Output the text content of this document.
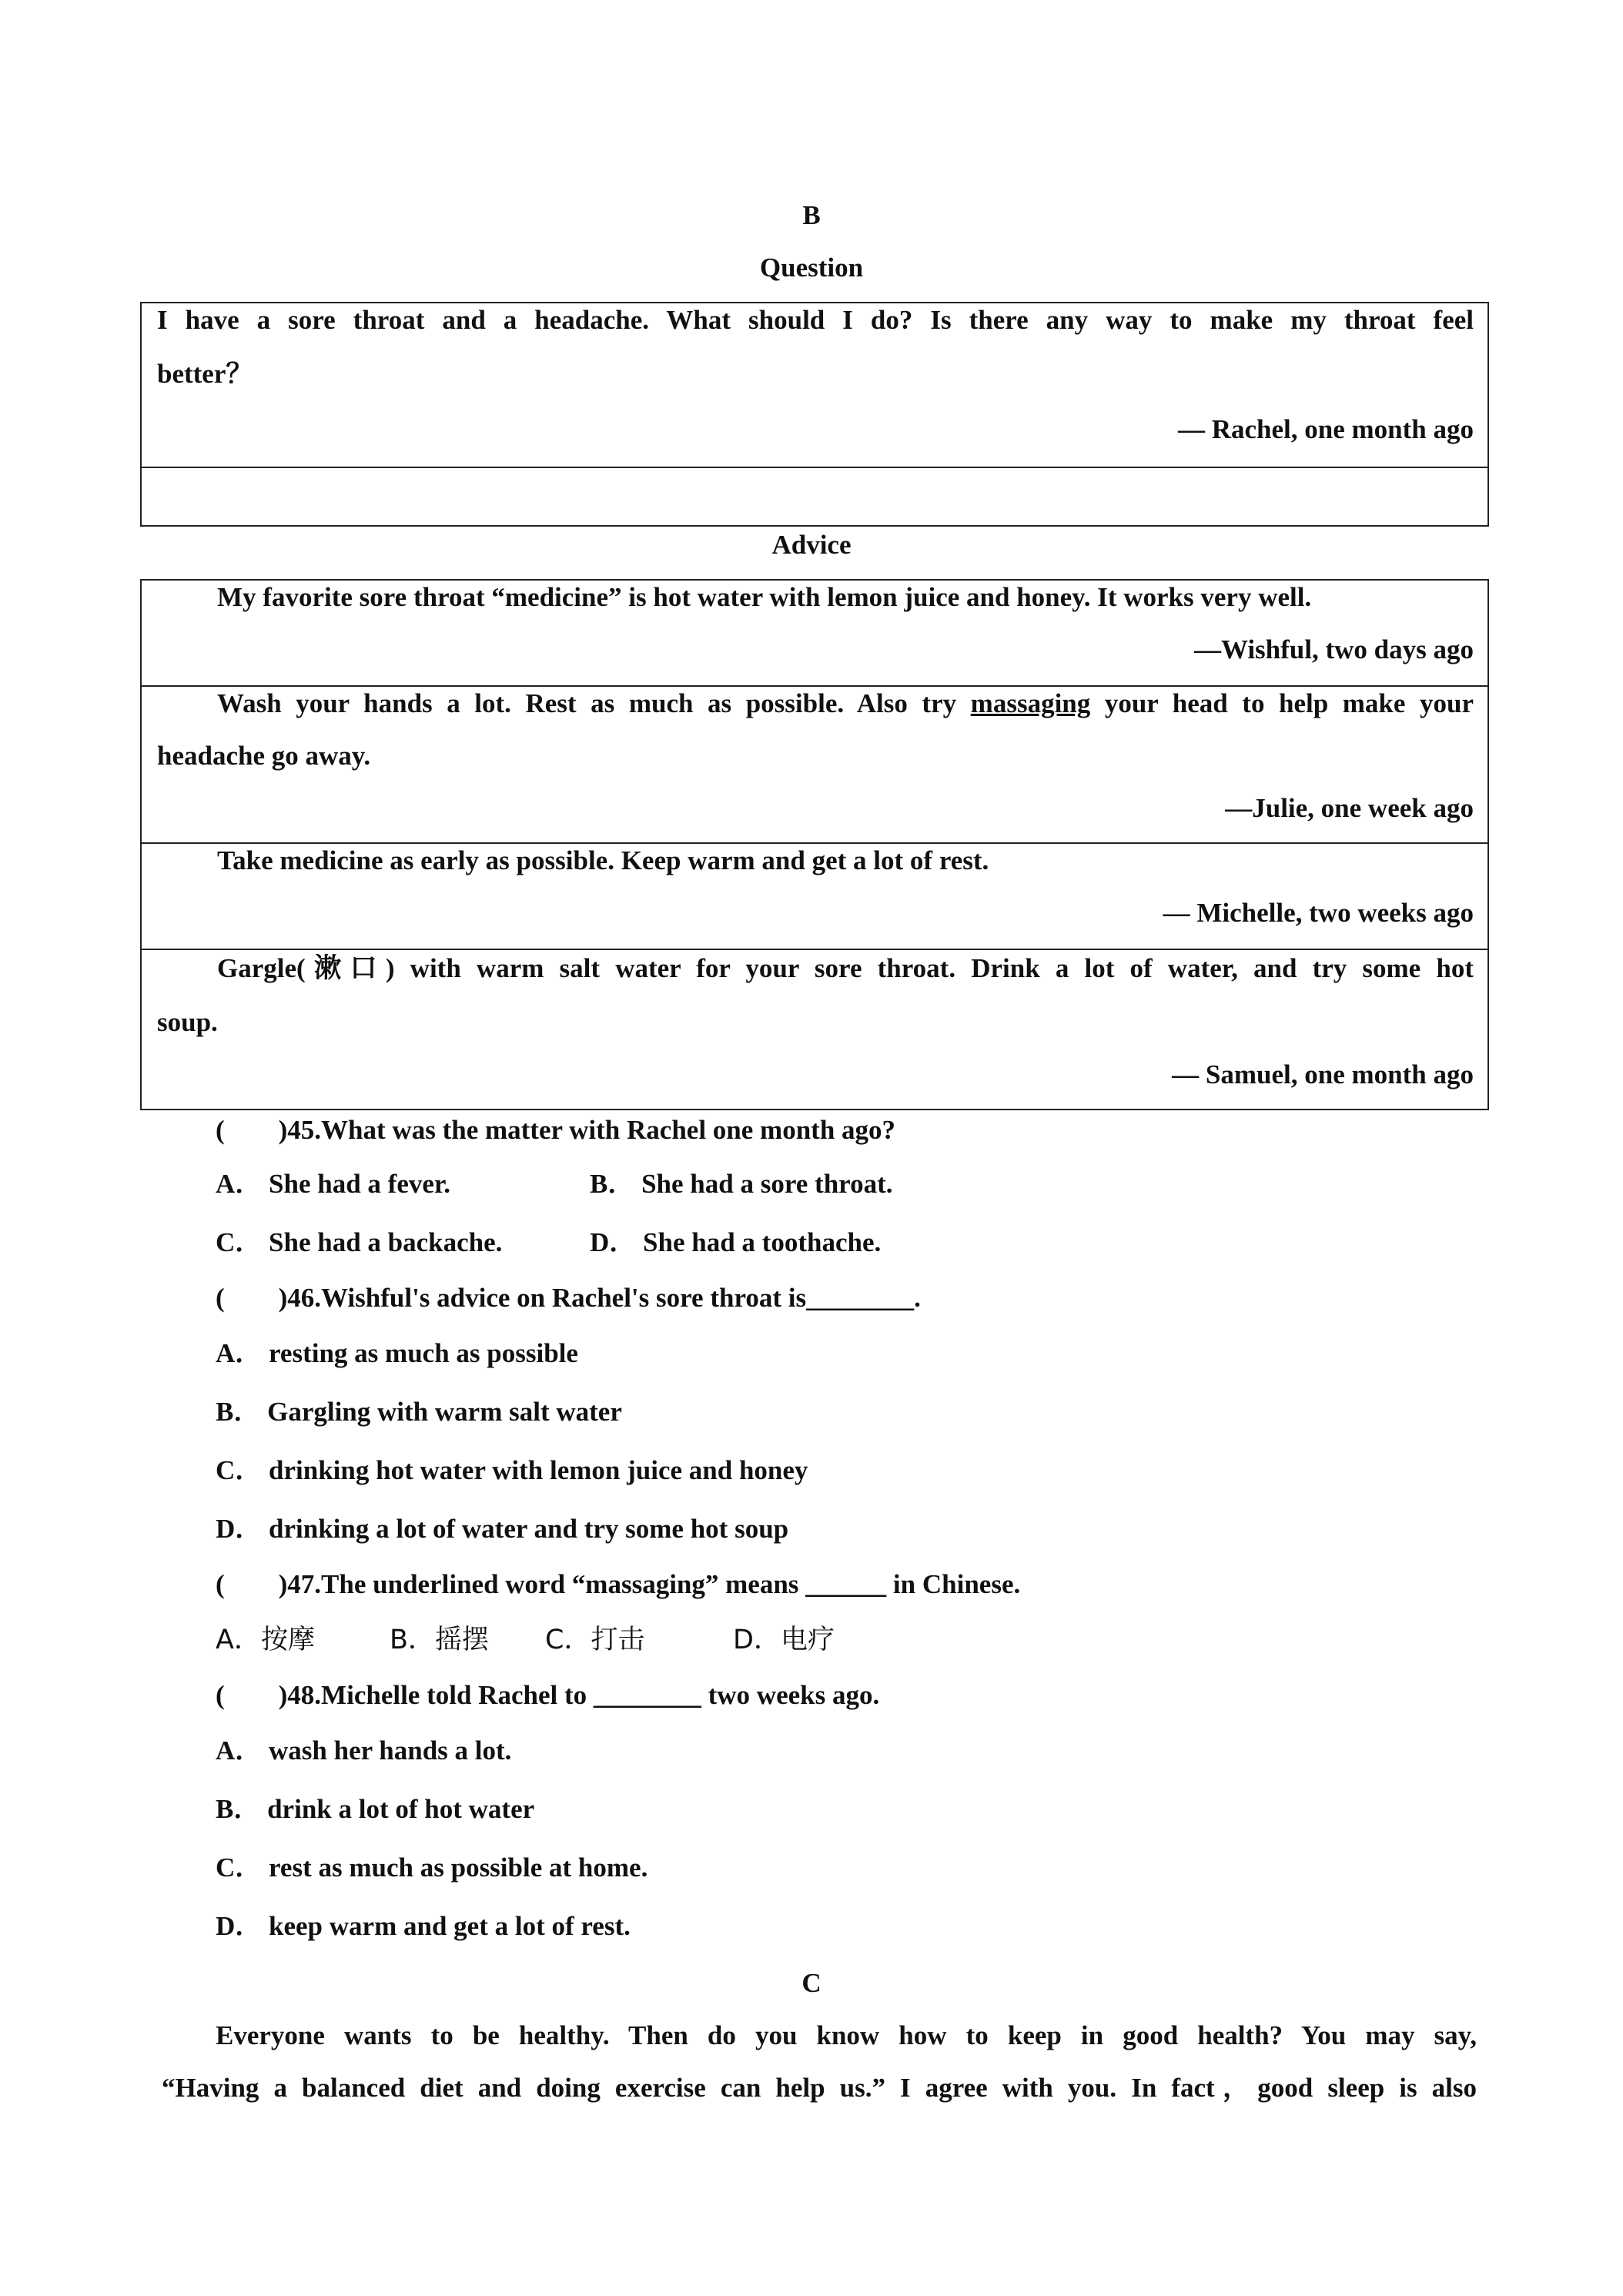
B

Question

I have a sore throat and a headache. What should I do? Is there any way to make my throat feel

better？

— Rachel, one month ago

Advice

My favorite sore throat “medicine” is hot water with lemon juice and honey. It works very well.

—Wishful, two days ago

Wash your hands a lot. Rest as much as possible. Also try massaging your head to help make your

headache go away.

—Julie, one week ago

Take medicine as early as possible. Keep warm and get a lot of rest.

— Michelle, two weeks ago

Gargle(漱口) with warm salt water for your sore throat. Drink a lot of water, and try some hot

soup.

— Samuel, one month ago

(  )45.What was the matter with Rachel one month ago?

A． She had a fever.	B． She had a sore throat.
C． She had a backache.	D． She had a toothache.

(  )46.Wishful's advice on Rachel's sore throat is________.

A． resting as much as possible
B． Gargling with warm salt water
C． drinking hot water with lemon juice and honey
D． drinking a lot of water and try some hot soup

(  )47.The underlined word “massaging” means ______ in Chinese.

A．按摩	B．摇摆 C．打击	D．电疗

(  )48.Michelle told Rachel to ________ two weeks ago.

A． wash her hands a lot.
B． drink a lot of hot water
C． rest as much as possible at home.
D． keep warm and get a lot of rest.

C

Everyone wants to be healthy. Then do you know how to keep in good health? You may say,

“Having a balanced diet and doing exercise can help us.” I agree with you. In fact，good sleep is also
